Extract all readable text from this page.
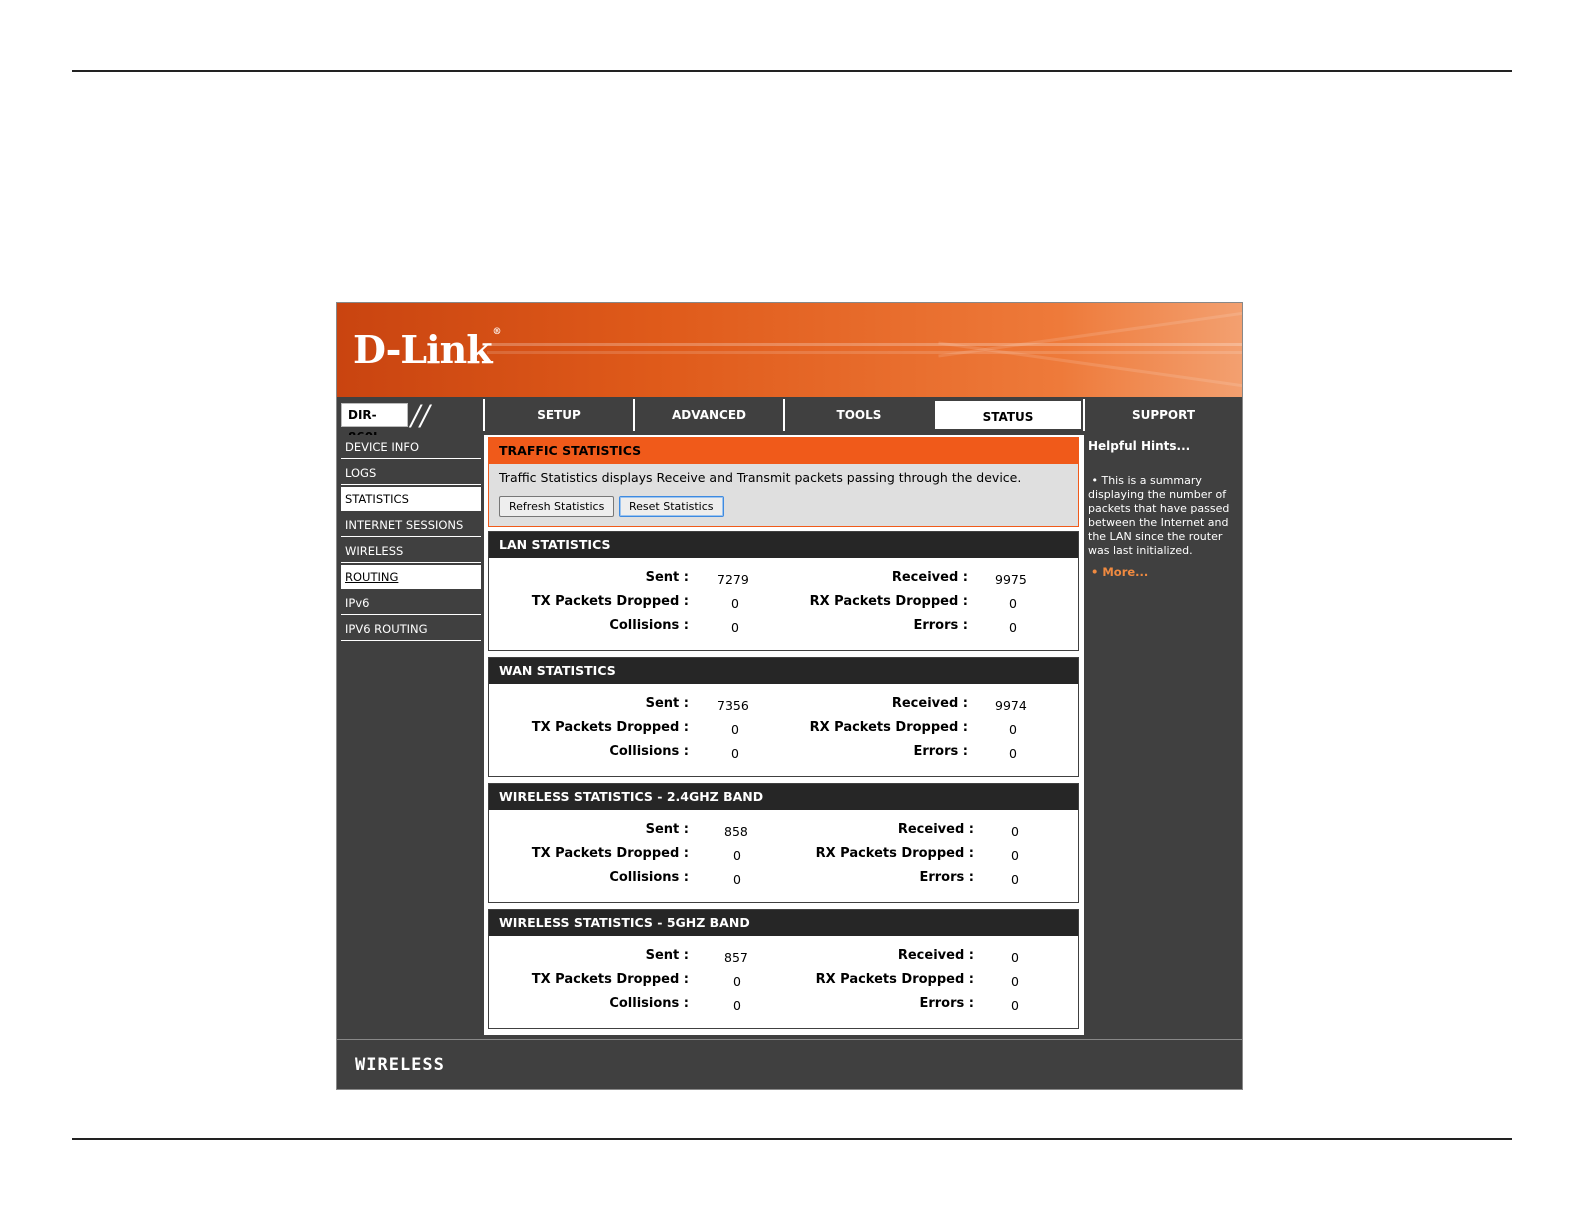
D-Link®
DIR-	//	SETUP	ADVANCED	TOOLS	STATUS	SUPPORT
DEVICE INFO
LOGS
STATISTICS
INTERNET SESSIONS
WIRELESS
ROUTING
IPv6
IPV6 ROUTING
TRAFFIC STATISTICS
Traffic Statistics displays Receive and Transmit packets passing through the device.
Refresh Statistics	Reset Statistics
LAN STATISTICS
Sent : 7279	Received : 9975
TX Packets Dropped :	0	RX Packets Dropped :	0
Collisions :	0	Errors :	0
WAN STATISTICS
Sent : 7356	Received : 9974
TX Packets Dropped :	0	RX Packets Dropped :	0
Collisions :	0	Errors :	0
WIRELESS STATISTICS - 2.4GHZ BAND
Sent :	858	Received :	0
TX Packets Dropped :	0	RX Packets Dropped :	0
Collisions :	0	Errors :	0
WIRELESS STATISTICS - 5GHZ BAND
Sent :	857	Received :	0
TX Packets Dropped :	0	RX Packets Dropped :	0
Collisions :	0	Errors :	0
Helpful Hints...
• This is a summary displaying the number of packets that have passed between the Internet and the LAN since the router was last initialized.
• More...
WIRELESS
